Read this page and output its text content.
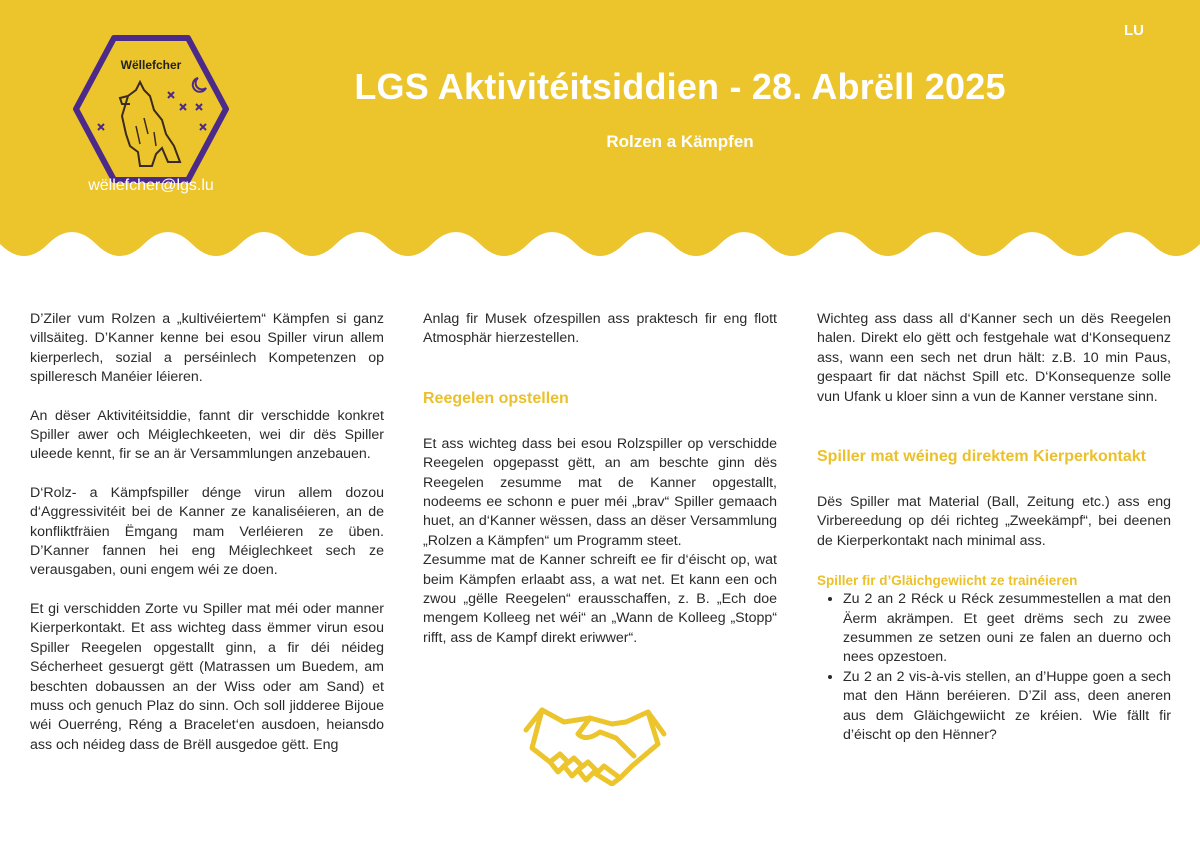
LU
Wëllefcher
wëllefcher@lgs.lu
LGS Aktivitéitsiddien - 28. Abrëll 2025
Rolzen a Kämpfen

D’Ziler vum Rolzen a „kultivéiertem“ Kämpfen si ganz villsäiteg. D’Kanner kenne bei esou Spiller virun allem kierperlech, sozial a perséinlech Kompetenzen op spilleresch Manéier léieren.

An dëser Aktivitéitsiddie, fannt dir verschidde konkret Spiller awer och Méiglechkeeten, wei dir dës Spiller uleede kennt, fir se an är Versammlungen anzebauen.

D‘Rolz- a Kämpfspiller dénge virun allem dozou d‘Aggressivitéit bei de Kanner ze kanaliséieren, an de konfliktfräien Ëmgang mam Verléieren ze üben. D’Kanner fannen hei eng Méiglechkeet sech ze verausgaben, ouni engem wéi ze doen.

Et gi verschidden Zorte vu Spiller mat méi oder manner Kierperkontakt. Et ass wichteg dass ëmmer virun esou Spiller Reegelen opgestallt ginn, a fir déi néideg Sécherheet gesuergt gëtt (Matrassen um Buedem, am beschten dobaussen an der Wiss oder am Sand) et muss och genuch Plaz do sinn. Och soll jidderee Bijoue wéi Ouerréng, Réng a Bracelet‘en ausdoen, heiansdo ass och néideg dass de Brëll ausgedoe gëtt. Eng

Anlag fir Musek ofzespillen ass praktesch fir eng flott Atmosphär hierzestellen.

Reegelen opstellen

Et ass wichteg dass bei esou Rolzspiller op verschidde Reegelen opgepasst gëtt, an am beschte ginn dës Reegelen zesumme mat de Kanner opgestallt, nodeems ee schonn e puer méi „brav“ Spiller gemaach huet, an d‘Kanner wëssen, dass an dëser Versammlung „Rolzen a Kämpfen“ um Programm steet.

Zesumme mat de Kanner schreift ee fir d‘éischt op, wat beim Kämpfen erlaabt ass, a wat net. Et kann een och zwou „gëlle Reegelen“ erausschaffen, z. B. „Ech doe mengem Kolleeg net wéi“ an „Wann de Kolleeg „Stopp“ rifft, ass de Kampf direkt eriwwer“.

Wichteg ass dass all d‘Kanner sech un dës Reegelen halen. Direkt elo gëtt och festgehale wat d‘Konsequenz ass, wann een sech net drun hält: z.B. 10 min Paus, gespaart fir dat nächst Spill etc. D‘Konsequenze solle vun Ufank u kloer sinn a vun de Kanner verstane sinn.

Spiller mat wéineg direktem Kierperkontakt

Dës Spiller mat Material (Ball, Zeitung etc.) ass eng Virbereedung op déi richteg „Zweekämpf“, bei deenen de Kierperkontakt nach minimal ass.

Spiller fir d’Gläichgewiicht ze trainéieren

• Zu 2 an 2 Réck u Réck zesummestellen a mat den Äerm akrämpen. Et geet drëms sech zu zwee zesummen ze setzen ouni ze falen an duerno och nees opzestoen.
• Zu 2 an 2 vis-à-vis stellen, an d’Huppe goen a sech mat den Hänn beréieren. D’Zil ass, deen aneren aus dem Gläichgewiicht ze kréien. Wie fällt fir d’éischt op den Hënner?
